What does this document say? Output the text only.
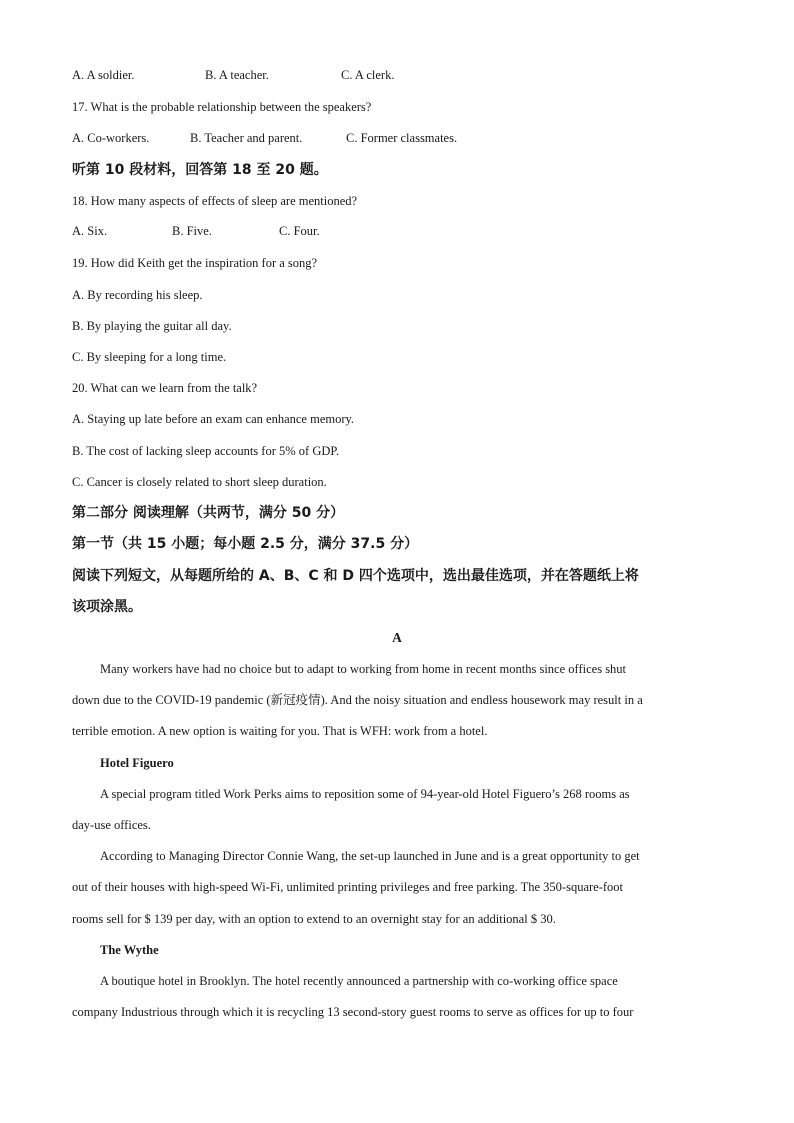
A. A soldier.	B. A teacher.	C. A clerk.
17. What is the probable relationship between the speakers?
A. Co-workers.	B. Teacher and parent.	C. Former classmates.
听第 10 段材料，回答第 18 至 20 题。
18. How many aspects of effects of sleep are mentioned?
A. Six.	B. Five.	C. Four.
19. How did Keith get the inspiration for a song?
A. By recording his sleep.
B. By playing the guitar all day.
C. By sleeping for a long time.
20. What can we learn from the talk?
A. Staying up late before an exam can enhance memory.
B. The cost of lacking sleep accounts for 5% of GDP.
C. Cancer is closely related to short sleep duration.
第二部分 阅读理解（共两节，满分 50 分）
第一节（共 15 小题；每小题 2.5 分，满分 37.5 分）
阅读下列短文，从每题所给的 A、B、C 和 D 四个选项中，选出最佳选项，并在答题纸上将
该项涂黑。
A
Many workers have had no choice but to adapt to working from home in recent months since offices shut
down due to the COVID-19 pandemic (新冠疫情). And the noisy situation and endless housework may result in a
terrible emotion. A new option is waiting for you. That is WFH: work from a hotel.
Hotel Figuero
A special program titled Work Perks aims to reposition some of 94-year-old Hotel Figuero’s 268 rooms as
day-use offices.
According to Managing Director Connie Wang, the set-up launched in June and is a great opportunity to get
out of their houses with high-speed Wi-Fi, unlimited printing privileges and free parking. The 350-square-foot
rooms sell for $ 139 per day, with an option to extend to an overnight stay for an additional $ 30.
The Wythe
A boutique hotel in Brooklyn. The hotel recently announced a partnership with co-working office space
company Industrious through which it is recycling 13 second-story guest rooms to serve as offices for up to four
